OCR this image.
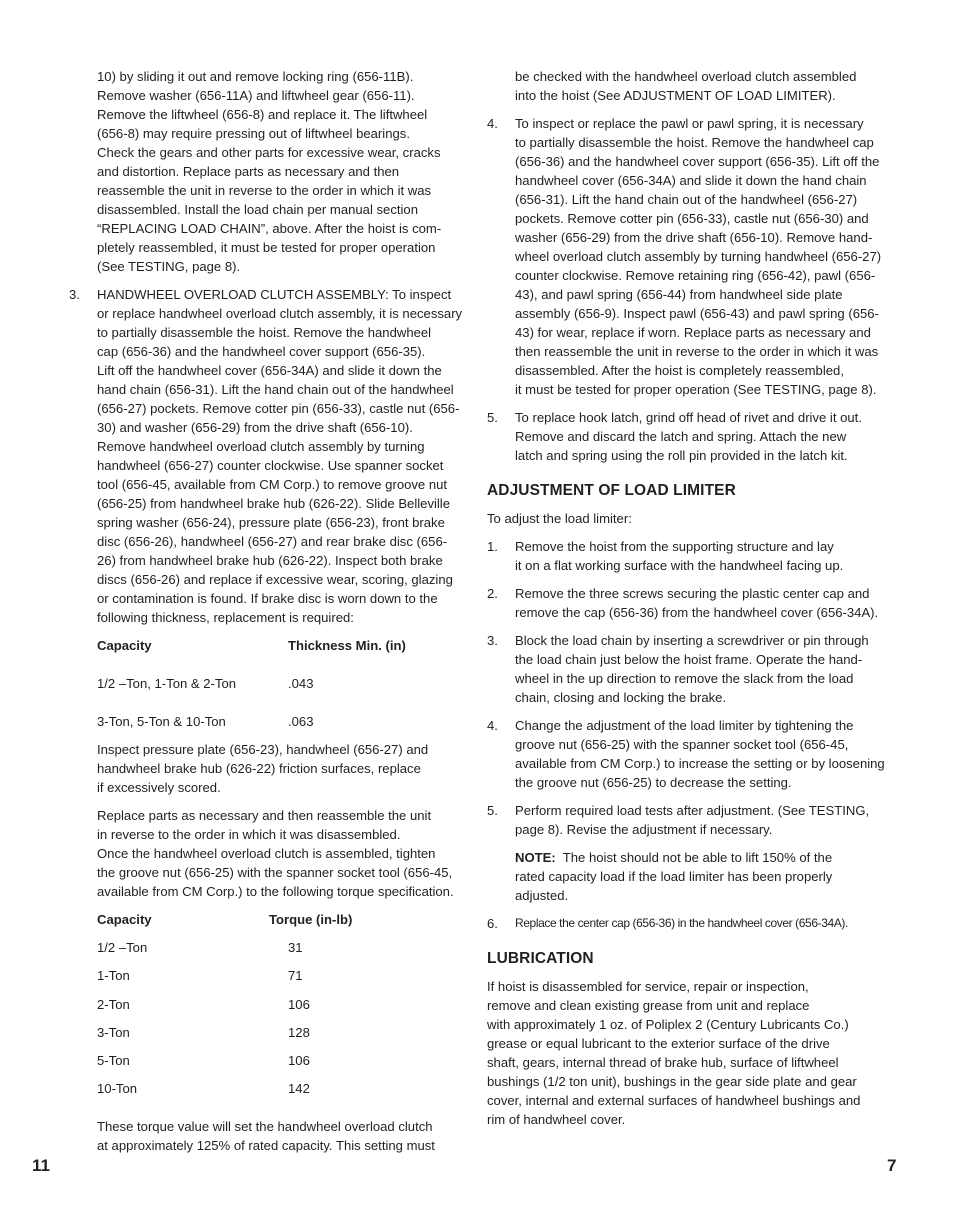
10) by sliding it out and remove locking ring (656-11B).
Remove washer (656-11A) and liftwheel gear (656-11).
Remove the liftwheel (656-8) and replace it. The liftwheel
(656-8) may require pressing out of liftwheel bearings.
Check the gears and other parts for excessive wear, cracks
and distortion. Replace parts as necessary and then
reassemble the unit in reverse to the order in which it was
disassembled. Install the load chain per manual section
“REPLACING LOAD CHAIN”, above. After the hoist is com-
pletely reassembled, it must be tested for proper operation
(See TESTING, page 8).
3. HANDWHEEL OVERLOAD CLUTCH ASSEMBLY: To inspect
or replace handwheel overload clutch assembly, it is necessary
to partially disassemble the hoist. Remove the handwheel
cap (656-36) and the handwheel cover support (656-35).
Lift off the handwheel cover (656-34A) and slide it down the
hand chain (656-31). Lift the hand chain out of the handwheel
(656-27) pockets. Remove cotter pin (656-33), castle nut (656-
30) and washer (656-29) from the drive shaft (656-10).
Remove handwheel overload clutch assembly by turning
handwheel (656-27) counter clockwise. Use spanner socket
tool (656-45, available from CM Corp.) to remove groove nut
(656-25) from handwheel brake hub (626-22). Slide Belleville
spring washer (656-24), pressure plate (656-23), front brake
disc (656-26), handwheel (656-27) and rear brake disc (656-
26) from handwheel brake hub (626-22). Inspect both brake
discs (656-26) and replace if excessive wear, scoring, glazing
or contamination is found. If brake disc is worn down to the
following thickness, replacement is required:
Capacity	Thickness Min. (in)
1/2 –Ton, 1-Ton & 2-Ton	.043
3-Ton, 5-Ton & 10-Ton	.063
Inspect pressure plate (656-23), handwheel (656-27) and
handwheel brake hub (626-22) friction surfaces, replace
if excessively scored.
Replace parts as necessary and then reassemble the unit
in reverse to the order in which it was disassembled.
Once the handwheel overload clutch is assembled, tighten
the groove nut (656-25) with the spanner socket tool (656-45,
available from CM Corp.) to the following torque specification.
Capacity	Torque (in-lb)
1/2 –Ton	31
1-Ton	71
2-Ton	106
3-Ton	128
5-Ton	106
10-Ton	142
These torque value will set the handwheel overload clutch
at approximately 125% of rated capacity. This setting must
be checked with the handwheel overload clutch assembled
into the hoist (See ADJUSTMENT OF LOAD LIMITER).
4. To inspect or replace the pawl or pawl spring, it is necessary
to partially disassemble the hoist. Remove the handwheel cap
(656-36) and the handwheel cover support (656-35). Lift off the
handwheel cover (656-34A) and slide it down the hand chain
(656-31). Lift the hand chain out of the handwheel (656-27)
pockets. Remove cotter pin (656-33), castle nut (656-30) and
washer (656-29) from the drive shaft (656-10). Remove hand-
wheel overload clutch assembly by turning handwheel (656-27)
counter clockwise. Remove retaining ring (656-42), pawl (656-
43), and pawl spring (656-44) from handwheel side plate
assembly (656-9). Inspect pawl (656-43) and pawl spring (656-
43) for wear, replace if worn. Replace parts as necessary and
then reassemble the unit in reverse to the order in which it was
disassembled. After the hoist is completely reassembled,
it must be tested for proper operation (See TESTING, page 8).
5. To replace hook latch, grind off head of rivet and drive it out.
Remove and discard the latch and spring. Attach the new
latch and spring using the roll pin provided in the latch kit.
ADJUSTMENT OF LOAD LIMITER

To adjust the load limiter:

1. Remove the hoist from the supporting structure and lay
it on a flat working surface with the handwheel facing up.
2. Remove the three screws securing the plastic center cap and
remove the cap (656-36) from the handwheel cover (656-34A).
3. Block the load chain by inserting a screwdriver or pin through
the load chain just below the hoist frame. Operate the hand-
wheel in the up direction to remove the slack from the load
chain, closing and locking the brake.
4. Change the adjustment of the load limiter by tightening the
groove nut (656-25) with the spanner socket tool (656-45,
available from CM Corp.) to increase the setting or by loosening
the groove nut (656-25) to decrease the setting.
5. Perform required load tests after adjustment. (See TESTING,
page 8). Revise the adjustment if necessary.
NOTE: The hoist should not be able to lift 150% of the
rated capacity load if the load limiter has been properly
adjusted.
6. Replace the center cap (656-36) in the handwheel cover (656-34A).
LUBRICATION
If hoist is disassembled for service, repair or inspection,
remove and clean existing grease from unit and replace
with approximately 1 oz. of Poliplex 2 (Century Lubricants Co.)
grease or equal lubricant to the exterior surface of the drive
shaft, gears, internal thread of brake hub, surface of liftwheel
bushings (1/2 ton unit), bushings in the gear side plate and gear
cover, internal and external surfaces of handwheel bushings and
rim of handwheel cover.
11	7
